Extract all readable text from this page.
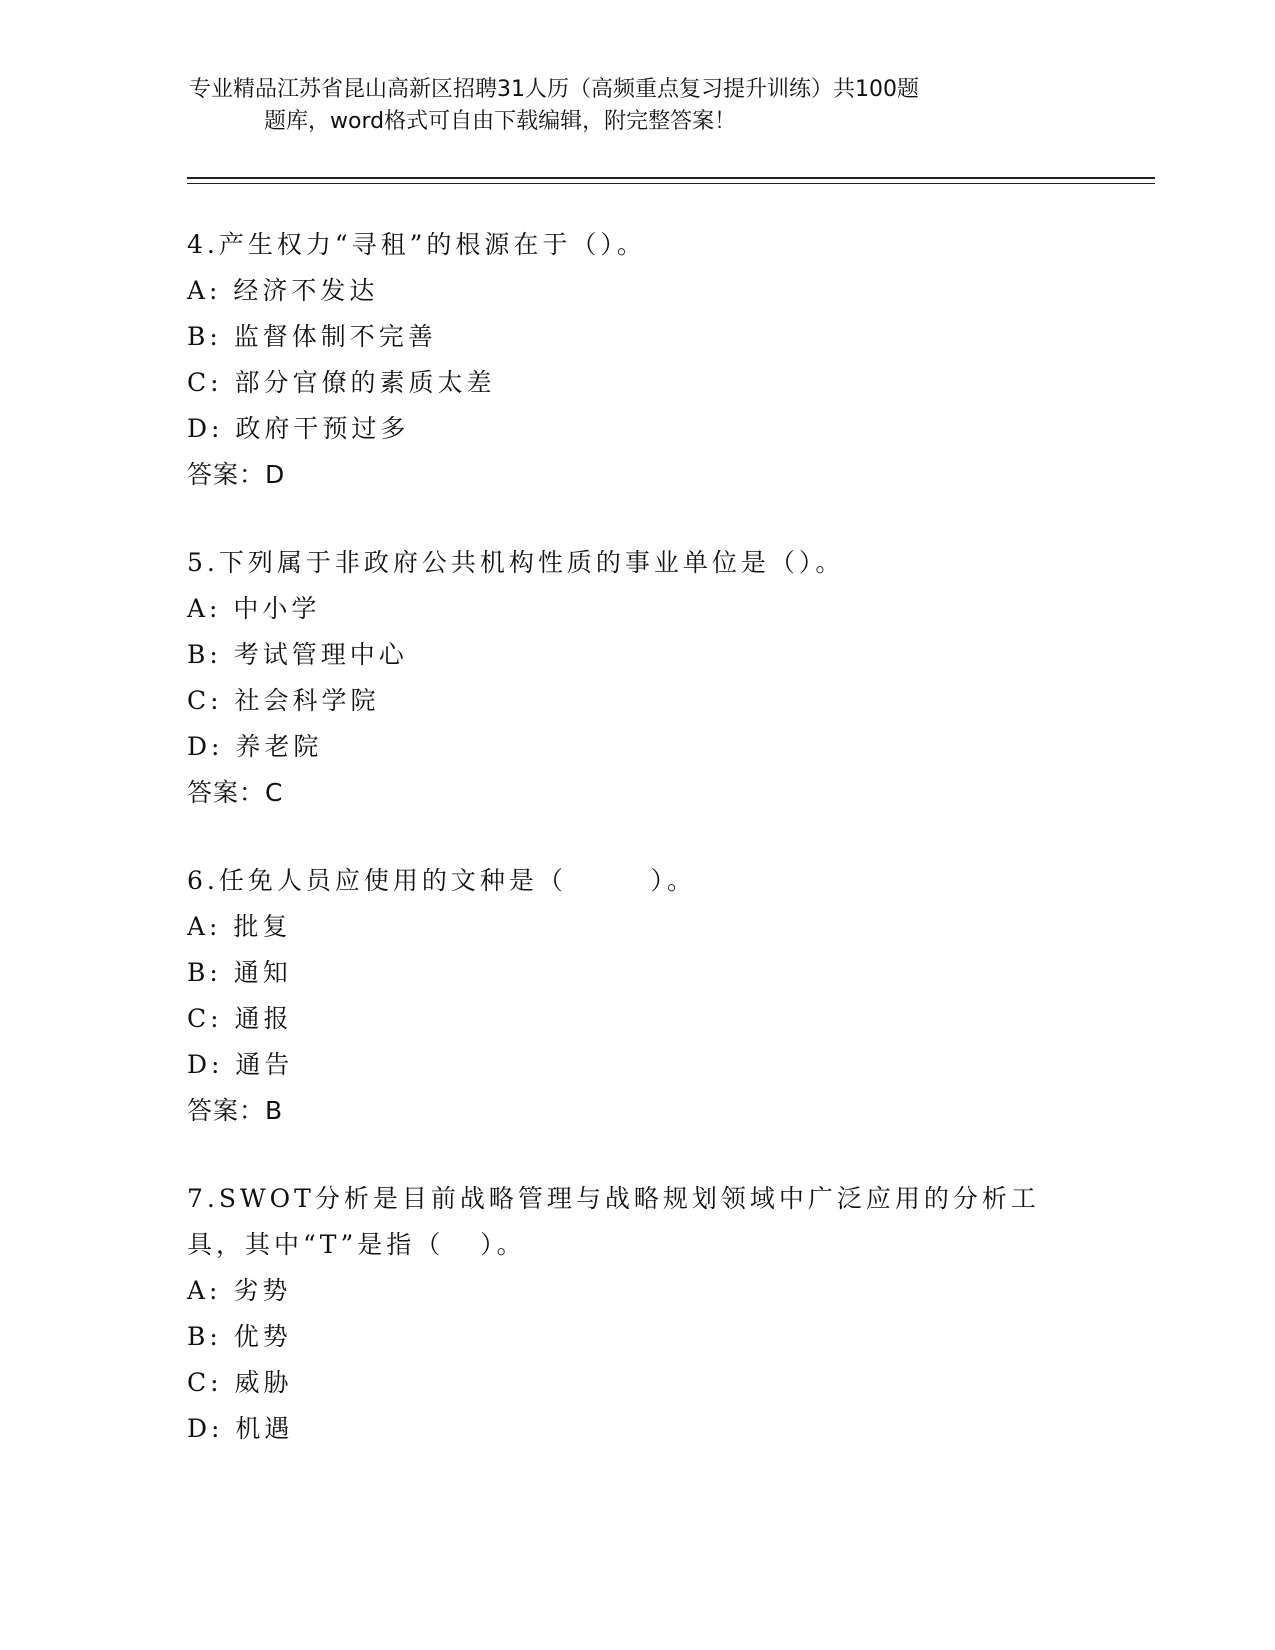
专业精品江苏省昆山高新区招聘31人历（高频重点复习提升训练）共100题
题库，word格式可自由下载编辑，附完整答案！
4.产生权力“寻租”的根源在于（）。
A: 经济不发达
B: 监督体制不完善
C: 部分官僚的素质太差
D: 政府干预过多
答案：D
5.下列属于非政府公共机构性质的事业单位是（）。
A: 中小学
B: 考试管理中心
C: 社会科学院
D: 养老院
答案：C
6.任免人员应使用的文种是（       ）。
A: 批复
B: 通知
C: 通报
D: 通告
答案：B
7.SWOT分析是目前战略管理与战略规划领域中广泛应用的分析工具，其中“T”是指（   ）。
A: 劣势
B: 优势
C: 威胁
D: 机遇
